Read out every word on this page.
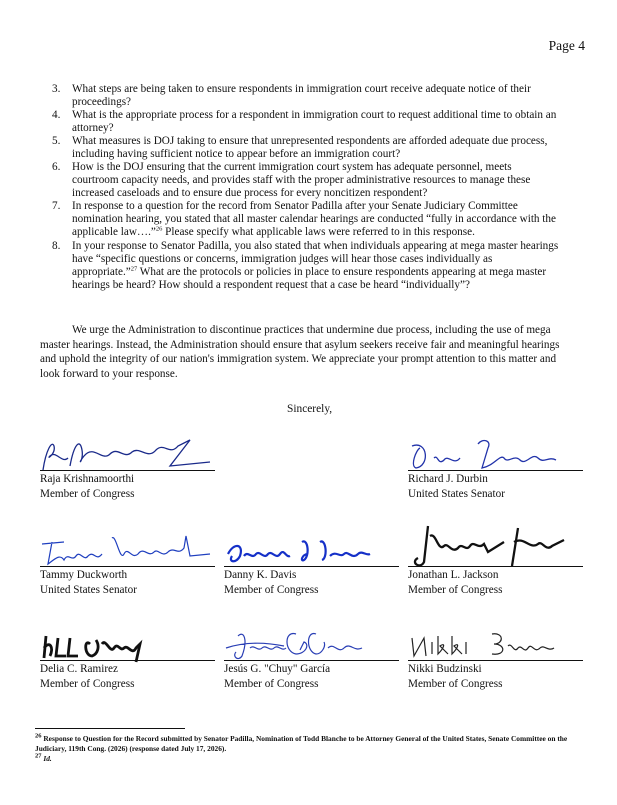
Page 4
3. What steps are being taken to ensure respondents in immigration court receive adequate notice of their proceedings?
4. What is the appropriate process for a respondent in immigration court to request additional time to obtain an attorney?
5. What measures is DOJ taking to ensure that unrepresented respondents are afforded adequate due process, including having sufficient notice to appear before an immigration court?
6. How is the DOJ ensuring that the current immigration court system has adequate personnel, meets courtroom capacity needs, and provides staff with the proper administrative resources to manage these increased caseloads and to ensure due process for every noncitizen respondent?
7. In response to a question for the record from Senator Padilla after your Senate Judiciary Committee nomination hearing, you stated that all master calendar hearings are conducted “fully in accordance with the applicable law….”$^{26}$ Please specify what applicable laws were referred to in this response.
8. In your response to Senator Padilla, you also stated that when individuals appearing at mega master hearings have “specific questions or concerns, immigration judges will hear those cases individually as appropriate.”$^{27}$ What are the protocols or policies in place to ensure respondents appearing at mega master hearings be heard? How should a respondent request that a case be heard “individually”?

We urge the Administration to discontinue practices that undermine due process, including the use of mega master hearings. Instead, the Administration should ensure that asylum seekers receive fair and meaningful hearings and uphold the integrity of our nation's immigration system. We appreciate your prompt attention to this matter and look forward to your response.

Sincerely,
Raja Krishnamoorthi
Member of Congress
Richard J. Durbin
United States Senator
Tammy Duckworth
United States Senator
Danny K. Davis
Member of Congress
Jonathan L. Jackson
Member of Congress
Delia C. Ramirez
Member of Congress
Jesús G. "Chuy" García
Member of Congress
Nikki Budzinski
Member of Congress
$^{26}$ Response to Question for the Record submitted by Senator Padilla, Nomination of Todd Blanche to be Attorney General of the United States, Senate Committee on the Judiciary, 119th Cong. (2026) (response dated July 17, 2026).
$^{27}$ Id.
